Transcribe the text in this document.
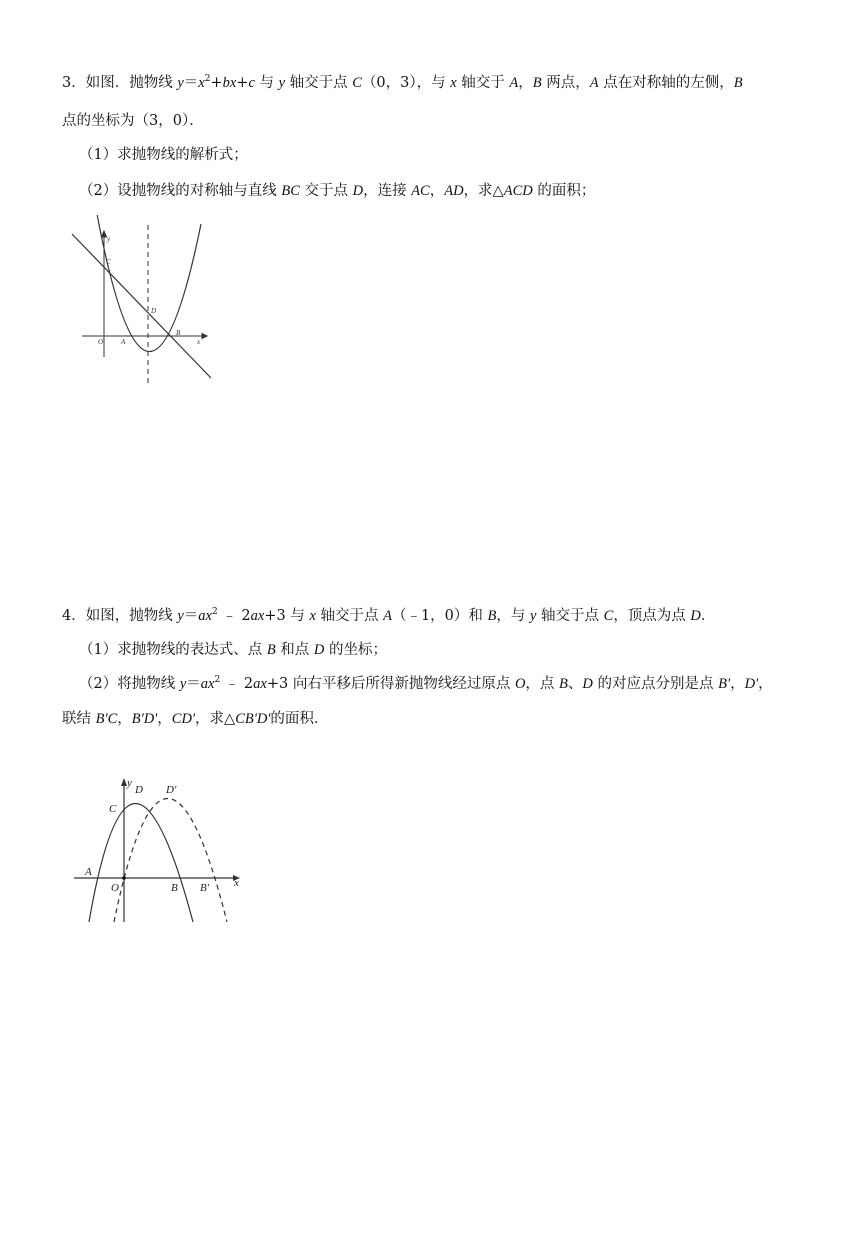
3．如图．抛物线 $y=x^2+bx+c$ 与 y 轴交于点 C（0，3），与 x 轴交于 A，B 两点，A 点在对称轴的左侧，B
点的坐标为（3，0）．
（1）求抛物线的解析式；
（2）设抛物线的对称轴与直线 BC 交于点 D，连接 AC，AD，求△ACD 的面积；
y
x
C
D
O	A
B
4．如图，抛物线 $y=ax^2$ ﹣ 2ax+3 与 x 轴交于点 A（﹣1，0）和 B，与 y 轴交于点 C，顶点为点 D．
（1）求抛物线的表达式、点 B 和点 D 的坐标；
（2）将抛物线 $y=ax^2$ ﹣ 2ax+3 向右平移后所得新抛物线经过原点 O，点 B、D 的对应点分别是点 B'，D'，
联结 B'C，B'D'，CD'，求△CB'D'的面积．
y
x
C
D D'
A
O	B B'
